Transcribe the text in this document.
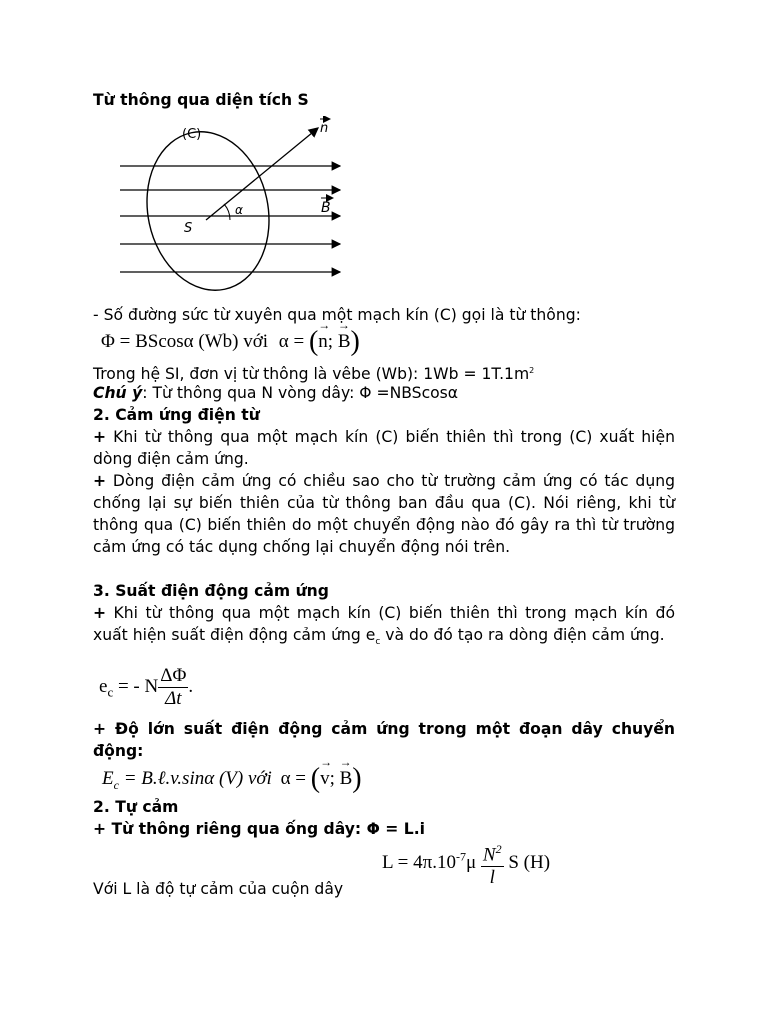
Từ thông qua diện tích S
(C)	n
B
S
α
- Số đường sức từ xuyên qua một mạch kín (C) gọi là từ thông:
Φ = BScosα (Wb) với α = (→ n; → B)
Trong hệ SI, đơn vị từ thông là vêbe (Wb): $1Wb = 1T.1m^2$
Chú ý: Từ thông qua N vòng dây: Φ =NBScosα
2. Cảm ứng điện từ
+ Khi từ thông qua một mạch kín (C) biến thiên thì trong (C) xuất hiện dòng điện cảm ứng.
+ Dòng điện cảm ứng có chiều sao cho từ trường cảm ứng có tác dụng chống lại sự biến thiên của từ thông ban đầu qua (C). Nói riêng, khi từ thông qua (C) biến thiên do một chuyển động nào đó gây ra thì từ trường cảm ứng có tác dụng chống lại chuyển động nói trên.
3. Suất điện động cảm ứng
+ Khi từ thông qua một mạch kín (C) biến thiên thì trong mạch kín đó xuất hiện suất điện động cảm ứng $e_c$ và do đó tạo ra dòng điện cảm ứng.
$e_c$ = - N $\frac{\Delta\Phi}{\Delta t}$ .
+ Độ lớn suất điện động cảm ứng trong một đoạn dây chuyển động:
$E_c$ = B.ℓ.v.sinα (V) với α = (→ v; → B)
2. Tự cảm
+ Từ thông riêng qua ống dây: Φ = L.i
$L = 4\pi.10^{-7}\mu \frac{N^2}{l}$ S (H)
Với L là độ tự cảm của cuộn dây
